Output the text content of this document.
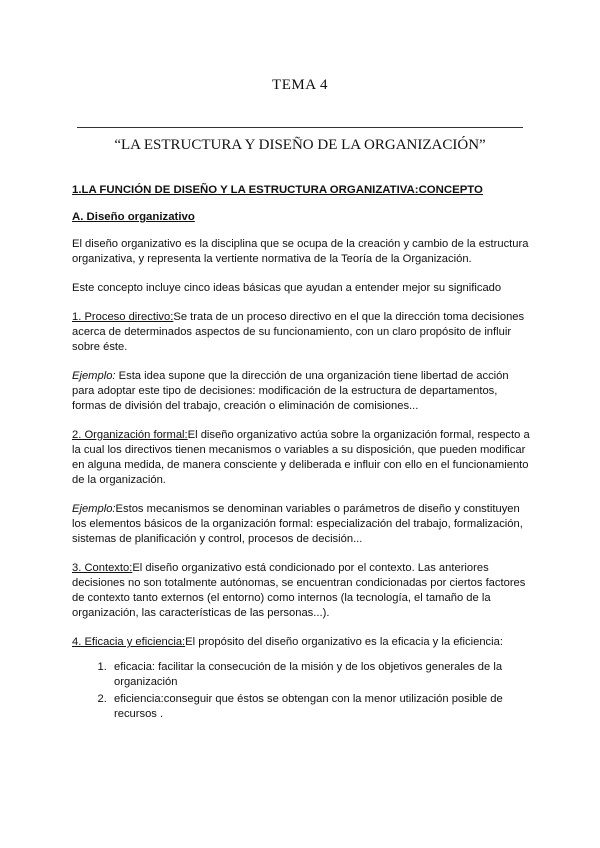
TEMA 4
“LA ESTRUCTURA Y DISEÑO DE LA ORGANIZACIÓN”
1.LA FUNCIÓN DE DISEÑO Y LA ESTRUCTURA ORGANIZATIVA:CONCEPTO
A. Diseño organizativo

El diseño organizativo es la disciplina que se ocupa de la creación y cambio de la estructura organizativa, y representa la vertiente normativa de la Teoría de la Organización.

Este concepto incluye cinco ideas básicas que ayudan a entender mejor su significado

1. Proceso directivo:Se trata de un proceso directivo en el que la dirección toma decisiones acerca de determinados aspectos de su funcionamiento, con un claro propósito de influir sobre éste.

Ejemplo: Esta idea supone que la dirección de una organización tiene libertad de acción para adoptar este tipo de decisiones: modificación de la estructura de departamentos, formas de división del trabajo, creación o eliminación de comisiones...

2. Organización formal:El diseño organizativo actúa sobre la organización formal, respecto a la cual los directivos tienen mecanismos o variables a su disposición, que pueden modificar en alguna medida, de manera consciente y deliberada e influir con ello en el funcionamiento de la organización.

Ejemplo:Estos mecanismos se denominan variables o parámetros de diseño y constituyen los elementos básicos de la organización formal: especialización del trabajo, formalización, sistemas de planificación y control, procesos de decisión...

3. Contexto:El diseño organizativo está condicionado por el contexto. Las anteriores decisiones no son totalmente autónomas, se encuentran condicionadas por ciertos factores de contexto tanto externos (el entorno) como internos (la tecnología, el tamaño de la organización, las características de las personas...).

4. Eficacia y eficiencia:El propósito del diseño organizativo es la eficacia y la eficiencia:

1. eficacia: facilitar la consecución de la misión y de los objetivos generales de la organización
2. eficiencia:conseguir que éstos se obtengan con la menor utilización posible de recursos .
